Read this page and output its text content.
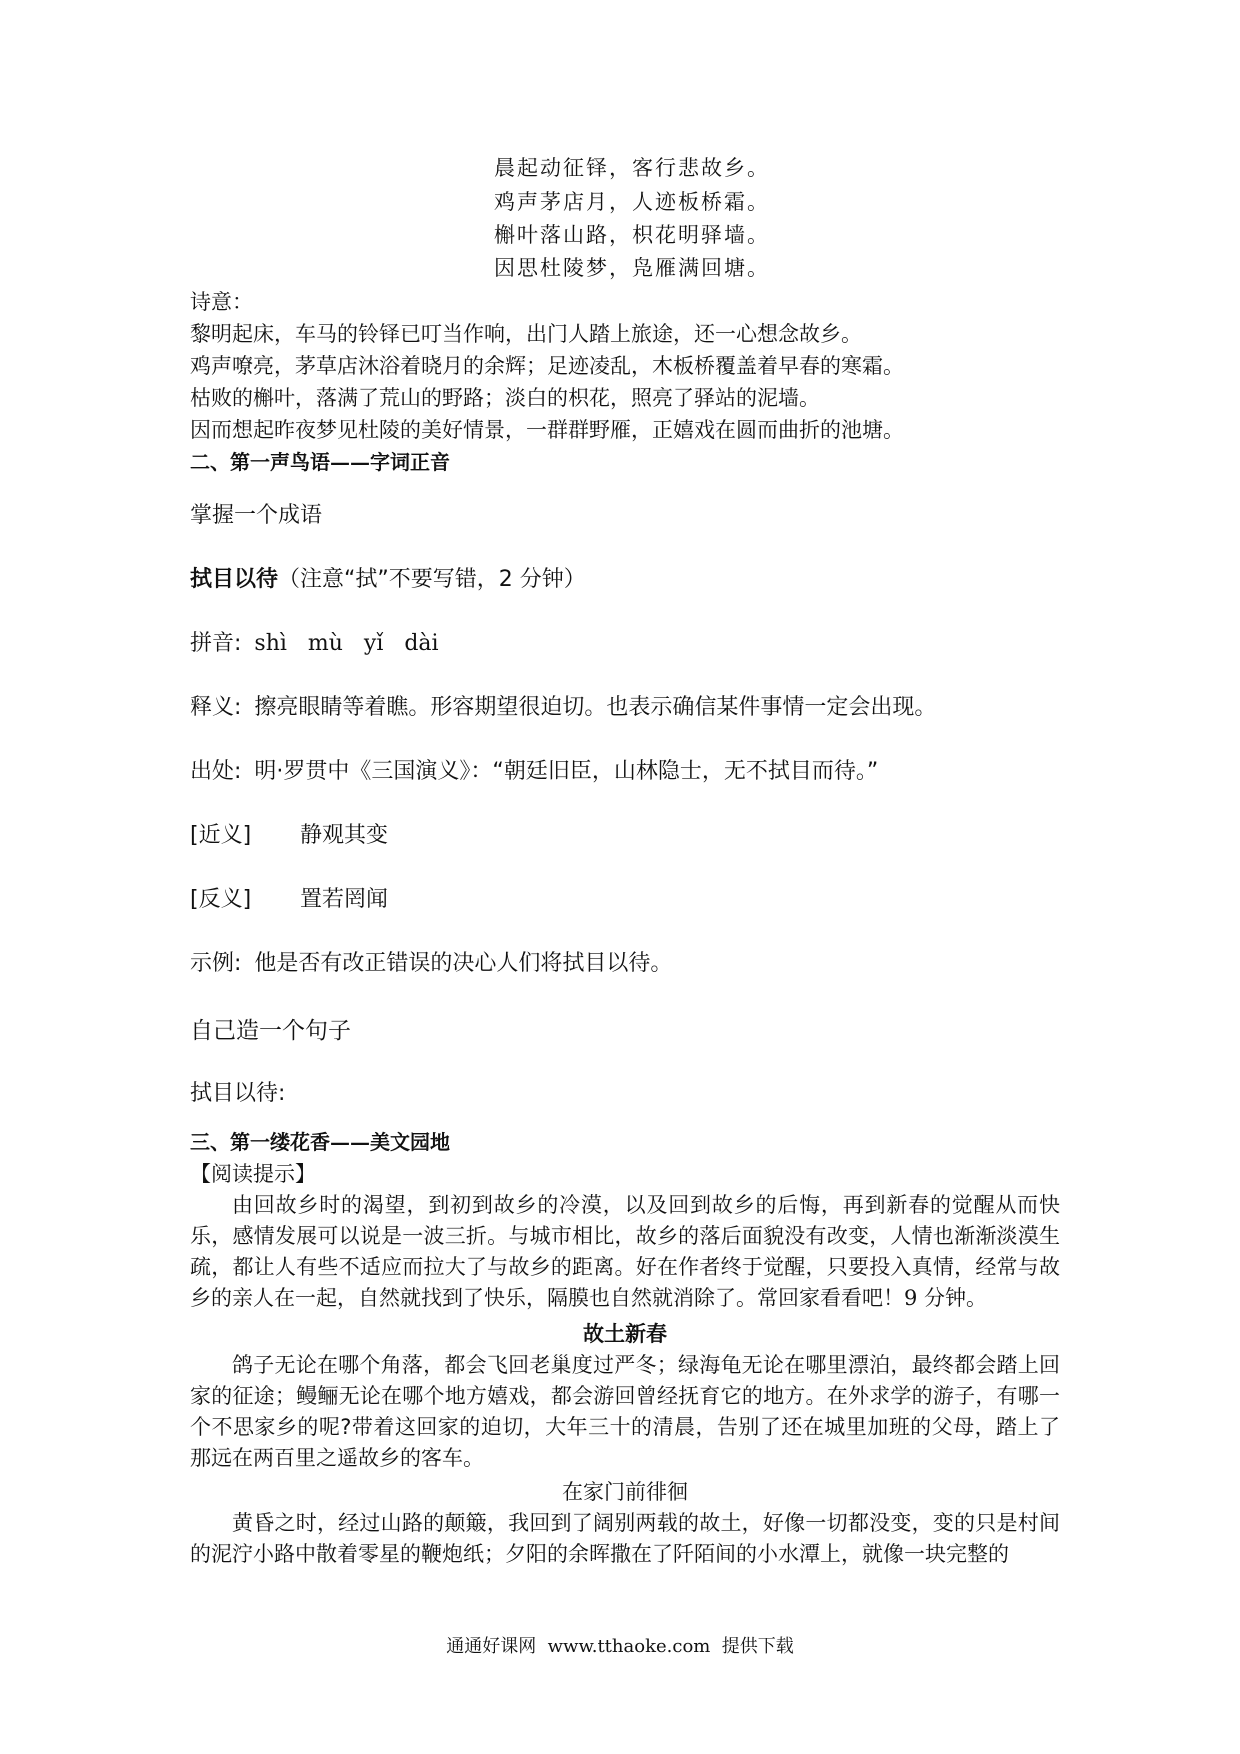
晨起动征铎，客行悲故乡。
鸡声茅店月，人迹板桥霜。
槲叶落山路，枳花明驿墙。
因思杜陵梦，凫雁满回塘。
诗意：
黎明起床，车马的铃铎已叮当作响，出门人踏上旅途，还一心想念故乡。
鸡声嘹亮，茅草店沐浴着晓月的余辉；足迹凌乱，木板桥覆盖着早春的寒霜。
枯败的槲叶，落满了荒山的野路；淡白的枳花，照亮了驿站的泥墙。
因而想起昨夜梦见杜陵的美好情景，一群群野雁，正嬉戏在圆而曲折的池塘。
二、第一声鸟语——字词正音
掌握一个成语
拭目以待（注意“拭”不要写错，2 分钟）
拼音: shì   mù   yǐ   dài
释义: 擦亮眼睛等着瞧。形容期望很迫切。也表示确信某件事情一定会出现。
出处: 明·罗贯中《三国演义》：“朝廷旧臣，山林隐士，无不拭目而待。”
[近义] 静观其变
[反义] 置若罔闻
示例: 他是否有改正错误的决心人们将拭目以待。
自己造一个句子
拭目以待:
三、第一缕花香——美文园地
【阅读提示】
由回故乡时的渴望，到初到故乡的冷漠，以及回到故乡的后悔，再到新春的觉醒从而快乐，感情发展可以说是一波三折。与城市相比，故乡的落后面貌没有改变，人情也渐渐淡漠生疏，都让人有些不适应而拉大了与故乡的距离。好在作者终于觉醒，只要投入真情，经常与故乡的亲人在一起，自然就找到了快乐，隔膜也自然就消除了。常回家看看吧！9 分钟。
故土新春
鸽子无论在哪个角落，都会飞回老巢度过严冬；绿海龟无论在哪里漂泊，最终都会踏上回家的征途；鳗鲡无论在哪个地方嬉戏，都会游回曾经抚育它的地方。在外求学的游子，有哪一个不思家乡的呢?带着这回家的迫切，大年三十的清晨，告别了还在城里加班的父母，踏上了那远在两百里之遥故乡的客车。
在家门前徘徊
黄昏之时，经过山路的颠簸，我回到了阔别两载的故土，好像一切都没变，变的只是村间的泥泞小路中散着零星的鞭炮纸；夕阳的余晖撒在了阡陌间的小水潭上，就像一块完整的
通通好课网  www.tthaoke.com  提供下载
